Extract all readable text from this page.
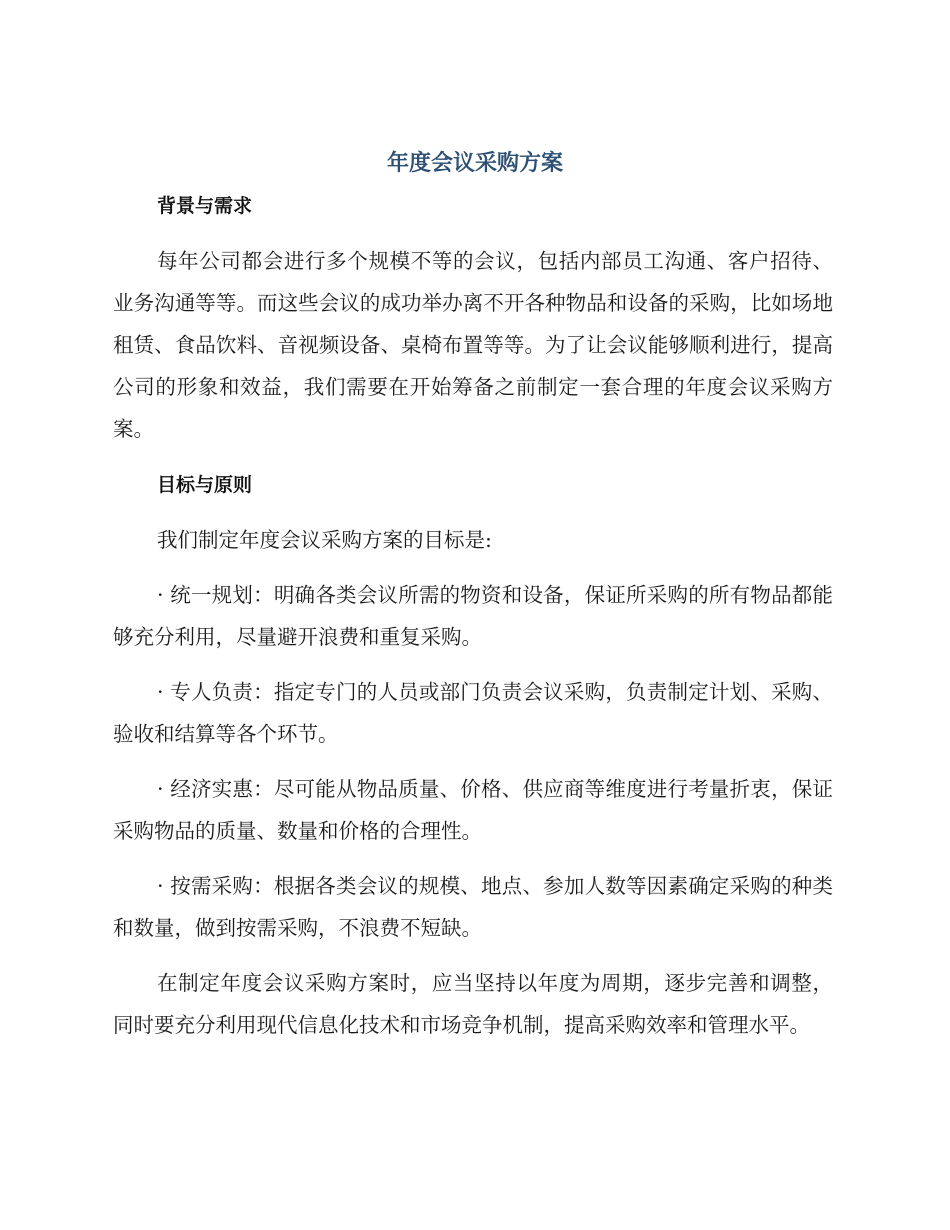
年度会议采购方案
背景与需求

每年公司都会进行多个规模不等的会议，包括内部员工沟通、客户招待、业务沟通等等。而这些会议的成功举办离不开各种物品和设备的采购，比如场地租赁、食品饮料、音视频设备、桌椅布置等等。为了让会议能够顺利进行，提高公司的形象和效益，我们需要在开始筹备之前制定一套合理的年度会议采购方案。

目标与原则

我们制定年度会议采购方案的目标是:

· 统一规划：明确各类会议所需的物资和设备，保证所采购的所有物品都能够充分利用，尽量避开浪费和重复采购。

· 专人负责：指定专门的人员或部门负责会议采购，负责制定计划、采购、验收和结算等各个环节。

· 经济实惠：尽可能从物品质量、价格、供应商等维度进行考量折衷，保证采购物品的质量、数量和价格的合理性。

· 按需采购：根据各类会议的规模、地点、参加人数等因素确定采购的种类和数量，做到按需采购，不浪费不短缺。

在制定年度会议采购方案时，应当坚持以年度为周期，逐步完善和调整，同时要充分利用现代信息化技术和市场竞争机制，提高采购效率和管理水平。
